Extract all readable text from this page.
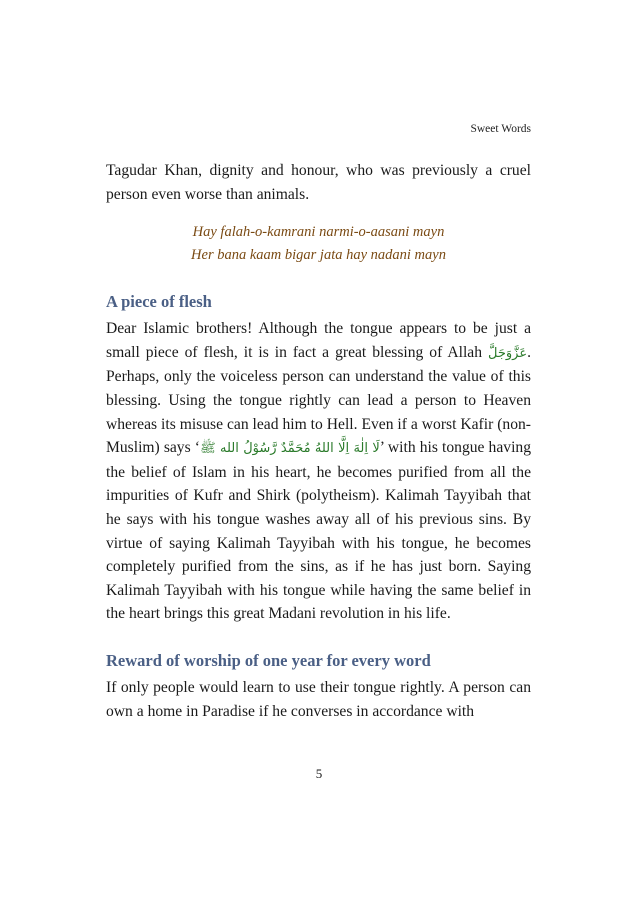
Sweet Words

Tagudar Khan, dignity and honour, who was previously a cruel person even worse than animals.

Hay falah-o-kamrani narmi-o-aasani mayn

Her bana kaam bigar jata hay nadani mayn

A piece of flesh

Dear Islamic brothers! Although the tongue appears to be just a small piece of flesh, it is in fact a great blessing of Allah عَزَّوَجَلَّ. Perhaps, only the voiceless person can understand the value of this blessing. Using the tongue rightly can lead a person to Heaven whereas its misuse can lead him to Hell. Even if a worst Kafir (non-Muslim) says ‘لَا اِلٰهَ اِلَّا اللهُ مُحَمَّدٌ رَّسُوْلُ الله ﷺ’ with his tongue having the belief of Islam in his heart, he becomes purified from all the impurities of Kufr and Shirk (polytheism). Kalimah Tayyibah that he says with his tongue washes away all of his previous sins. By virtue of saying Kalimah Tayyibah with his tongue, he becomes completely purified from the sins, as if he has just born. Saying Kalimah Tayyibah with his tongue while having the same belief in the heart brings this great Madani revolution in his life.

Reward of worship of one year for every word

If only people would learn to use their tongue rightly. A person can own a home in Paradise if he converses in accordance with

5
